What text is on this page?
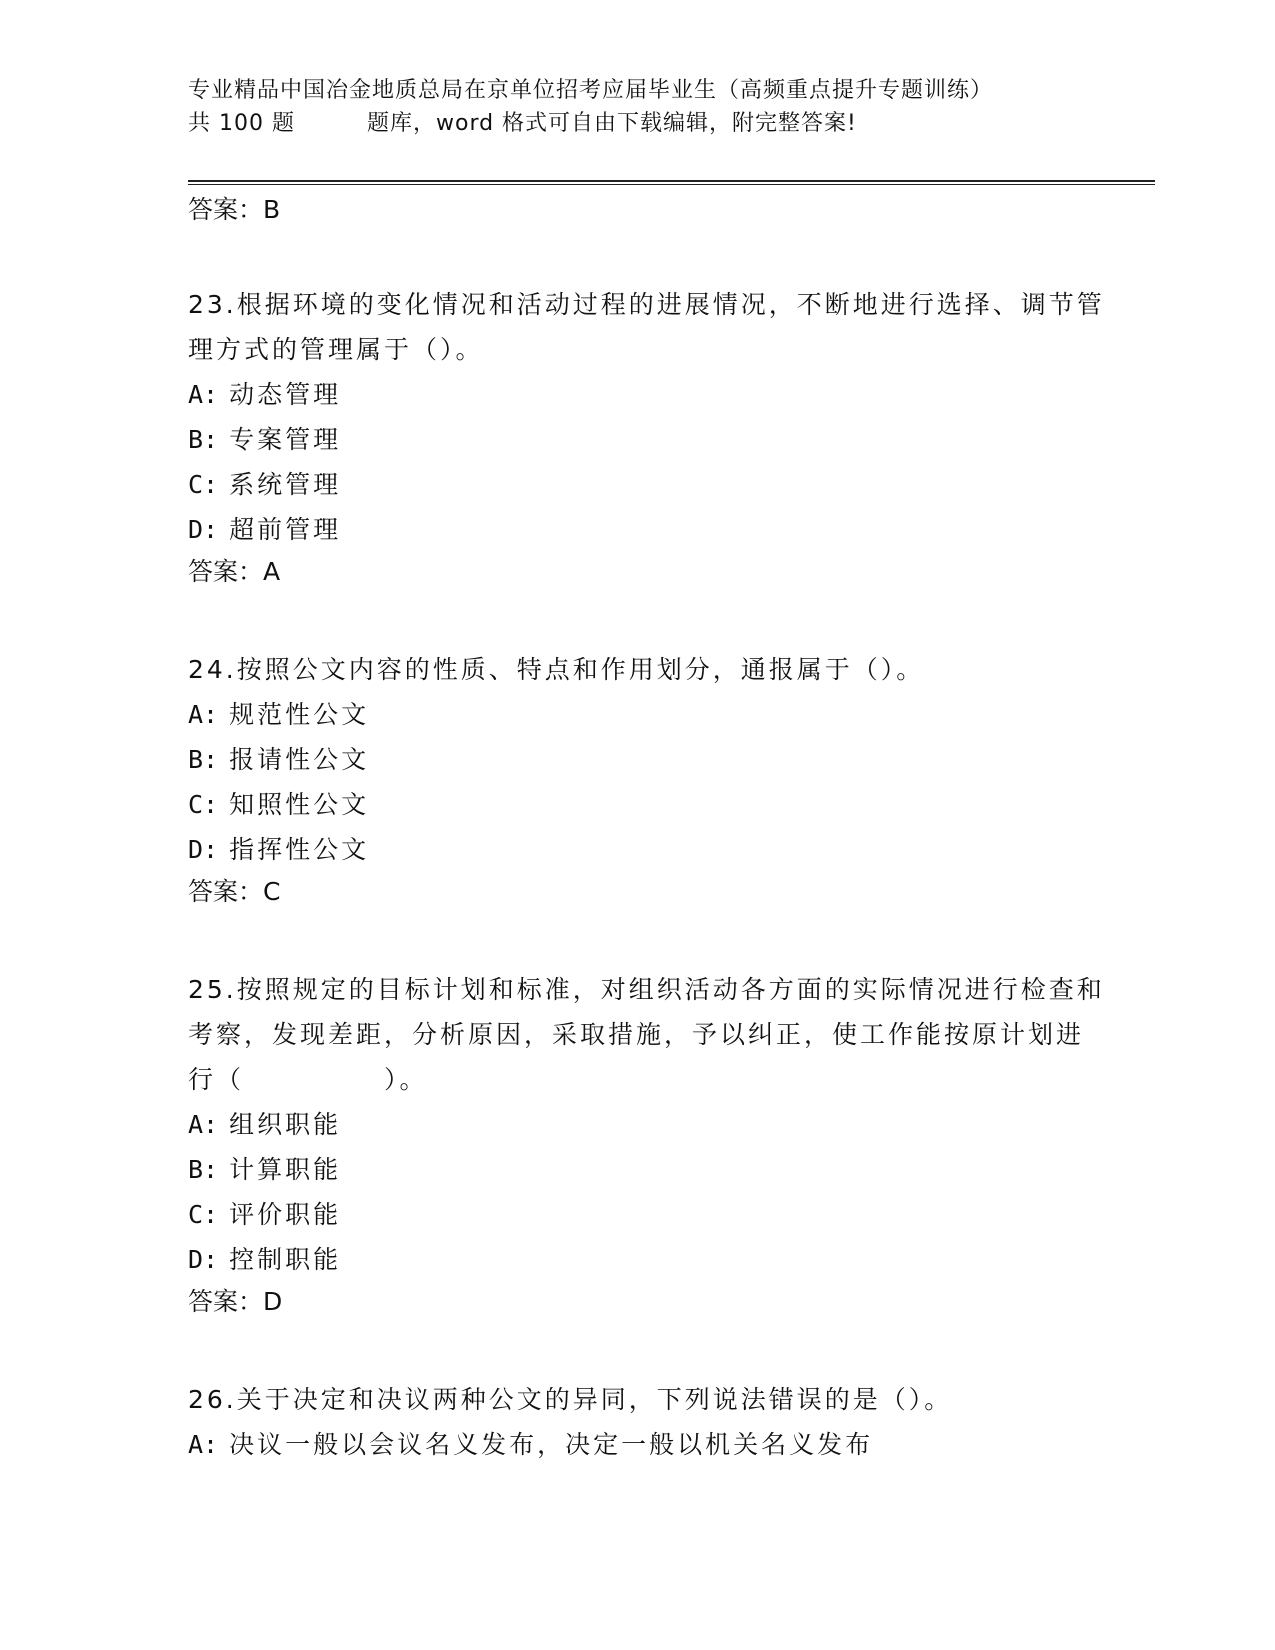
专业精品中国冶金地质总局在京单位招考应届毕业生（高频重点提升专题训练）
共 100 题	题库，word 格式可自由下载编辑，附完整答案!
答案：B
23.根据环境的变化情况和活动过程的进展情况，不断地进行选择、调节管理方式的管理属于（）。
A: 动态管理
B: 专案管理
C: 系统管理
D: 超前管理
答案：A
24.按照公文内容的性质、特点和作用划分，通报属于（）。
A: 规范性公文
B: 报请性公文
C: 知照性公文
D: 指挥性公文
答案：C
25.按照规定的目标计划和标准，对组织活动各方面的实际情况进行检查和考察，发现差距，分析原因，采取措施，予以纠正，使工作能按原计划进行（	）。
A: 组织职能
B: 计算职能
C: 评价职能
D: 控制职能
答案：D
26.关于决定和决议两种公文的异同，下列说法错误的是（）。
A: 决议一般以会议名义发布，决定一般以机关名义发布
